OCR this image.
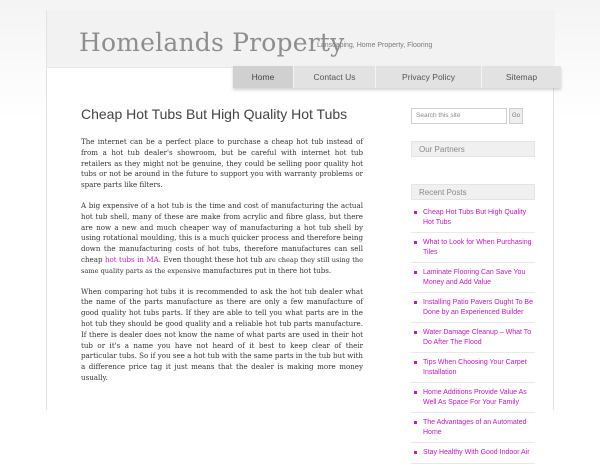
Homelands Property
Lanscaping, Home Property, Flooring
Home	Contact Us	Privacy Policy	Sitemap
Cheap Hot Tubs But High Quality Hot Tubs

The internet can be a perfect place to purchase a cheap hot tub instead of from a hot tub dealer's showroom, but be careful with internet hot tub retailers as they might not be genuine, they could be selling poor quality hot tubs or not be around in the future to support you with warranty problems or spare parts like filters.

A big expensive of a hot tub is the time and cost of manufacturing the actual hot tub shell, many of these are make from acrylic and fibre glass, but there are now a new and much cheaper way of manufacturing a hot tub shell by using rotational moulding, this is a much quicker process and therefore being down the manufacturing costs of hot tubs, therefore manufactures can sell cheap hot tubs in MA. Even thought these hot tub are cheap they still using the same quality parts as the expensive manufactures put in there hot tubs.

When comparing hot tubs it is recommended to ask the hot tub dealer what the name of the parts manufacture as there are only a few manufacture of good quality hot tubs parts. If they are able to tell you what parts are in the hot tub they should be good quality and a reliable hot tub parts manufacture. If there is dealer does not know the name of what parts are used in their hot tub or it's a name you have not heard of it best to keep clear of their particular tubs. So if you see a hot tub with the same parts in the tub but with a difference price tag it just means that the dealer is making more money usually.

Search this site	Go
Our Partners
Recent Posts
Cheap Hot Tubs But High Quality Hot Tubs
What to Look for When Purchasing Tiles
Laminate Flooring Can Save You Money and Add Value
Installing Patio Pavers Ought To Be Done by an Experienced Builder
Water Damage Cleanup – What To Do After The Flood
Tips When Choosing Your Carpet Installation
Home Additions Provide Value As Well As Space For Your Family
The Advantages of an Automated Home
Stay Healthy With Good Indoor Air
